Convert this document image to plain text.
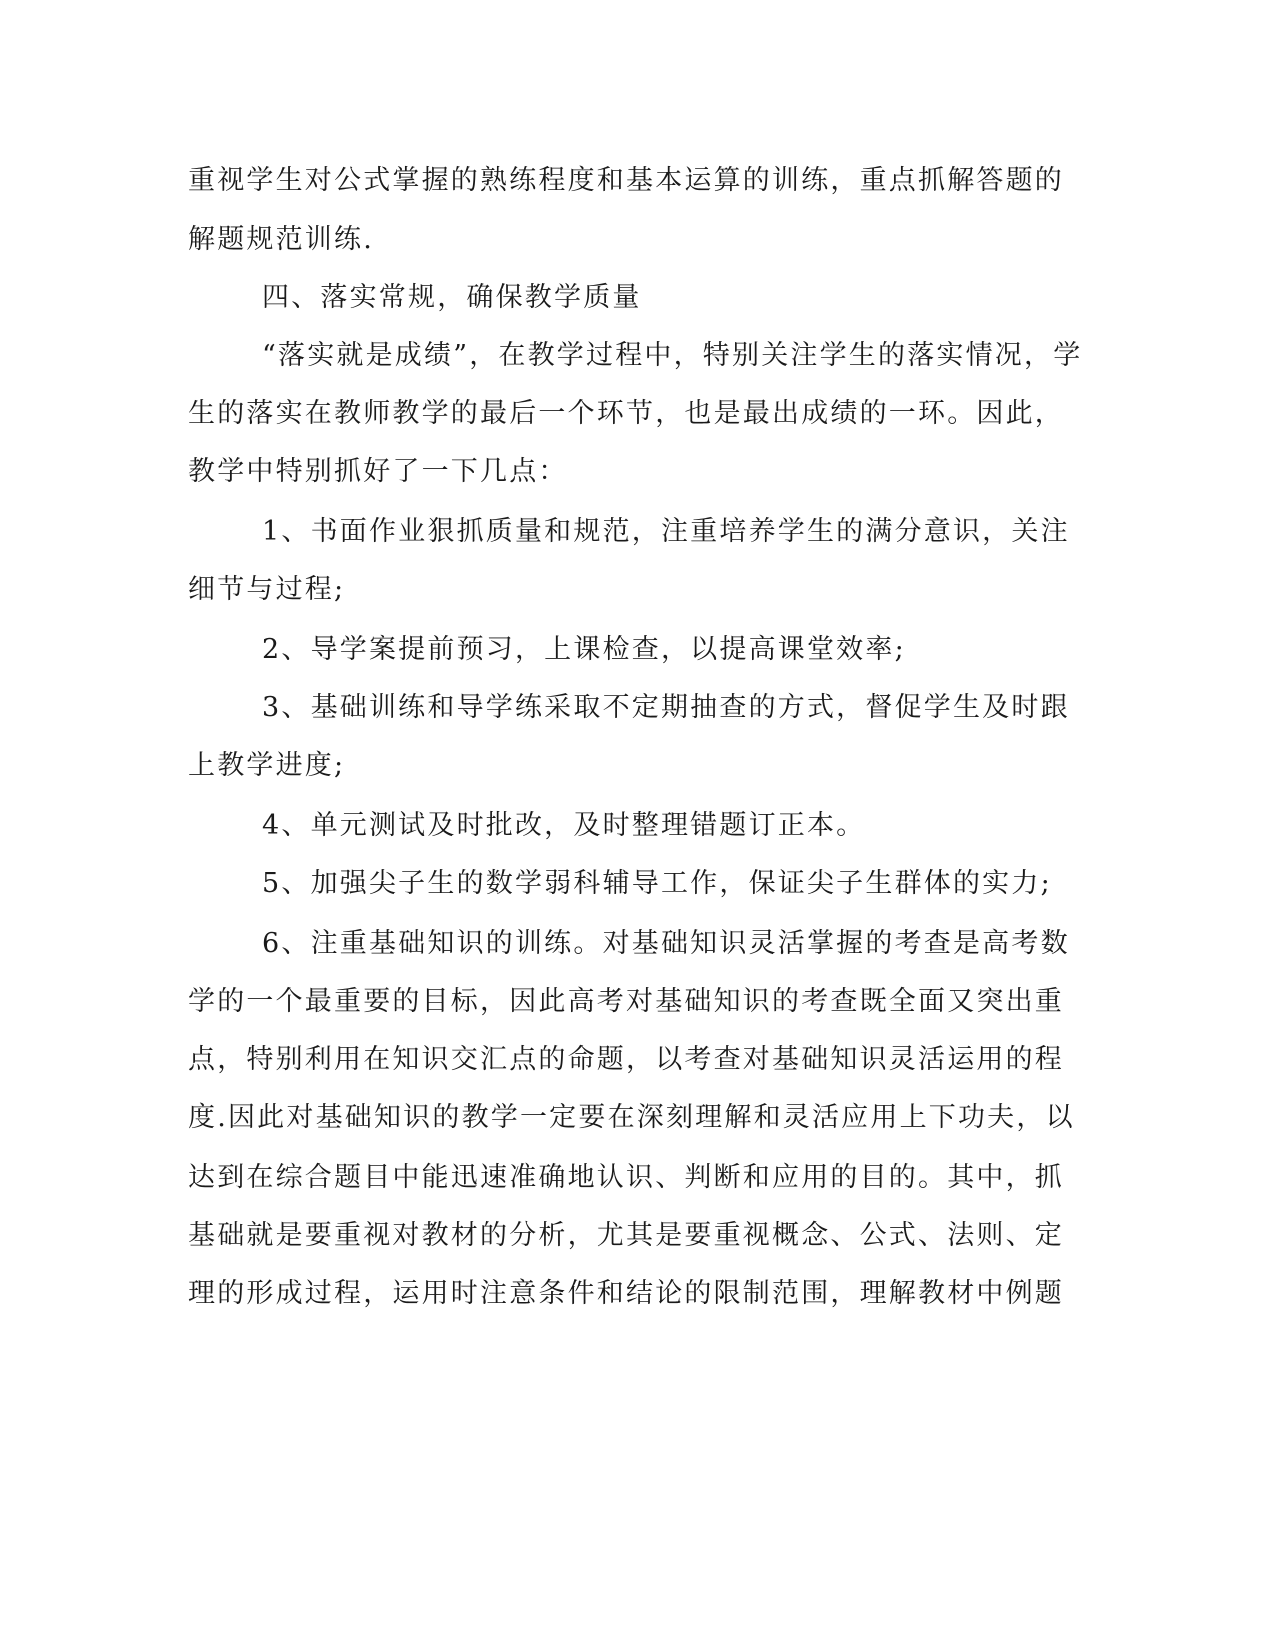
重视学生对公式掌握的熟练程度和基本运算的训练，重点抓解答题的
解题规范训练.
四、落实常规，确保教学质量
“落实就是成绩”，在教学过程中，特别关注学生的落实情况，学
生的落实在教师教学的最后一个环节，也是最出成绩的一环。因此，
教学中特别抓好了一下几点：
1、书面作业狠抓质量和规范，注重培养学生的满分意识，关注
细节与过程;
2、导学案提前预习，上课检查，以提高课堂效率;
3、基础训练和导学练采取不定期抽查的方式，督促学生及时跟
上教学进度;
4、单元测试及时批改，及时整理错题订正本。
5、加强尖子生的数学弱科辅导工作，保证尖子生群体的实力;
6、注重基础知识的训练。对基础知识灵活掌握的考查是高考数
学的一个最重要的目标，因此高考对基础知识的考查既全面又突出重
点，特别利用在知识交汇点的命题，以考查对基础知识灵活运用的程
度.因此对基础知识的教学一定要在深刻理解和灵活应用上下功夫，以
达到在综合题目中能迅速准确地认识、判断和应用的目的。其中，抓
基础就是要重视对教材的分析，尤其是要重视概念、公式、法则、定
理的形成过程，运用时注意条件和结论的限制范围，理解教材中例题
